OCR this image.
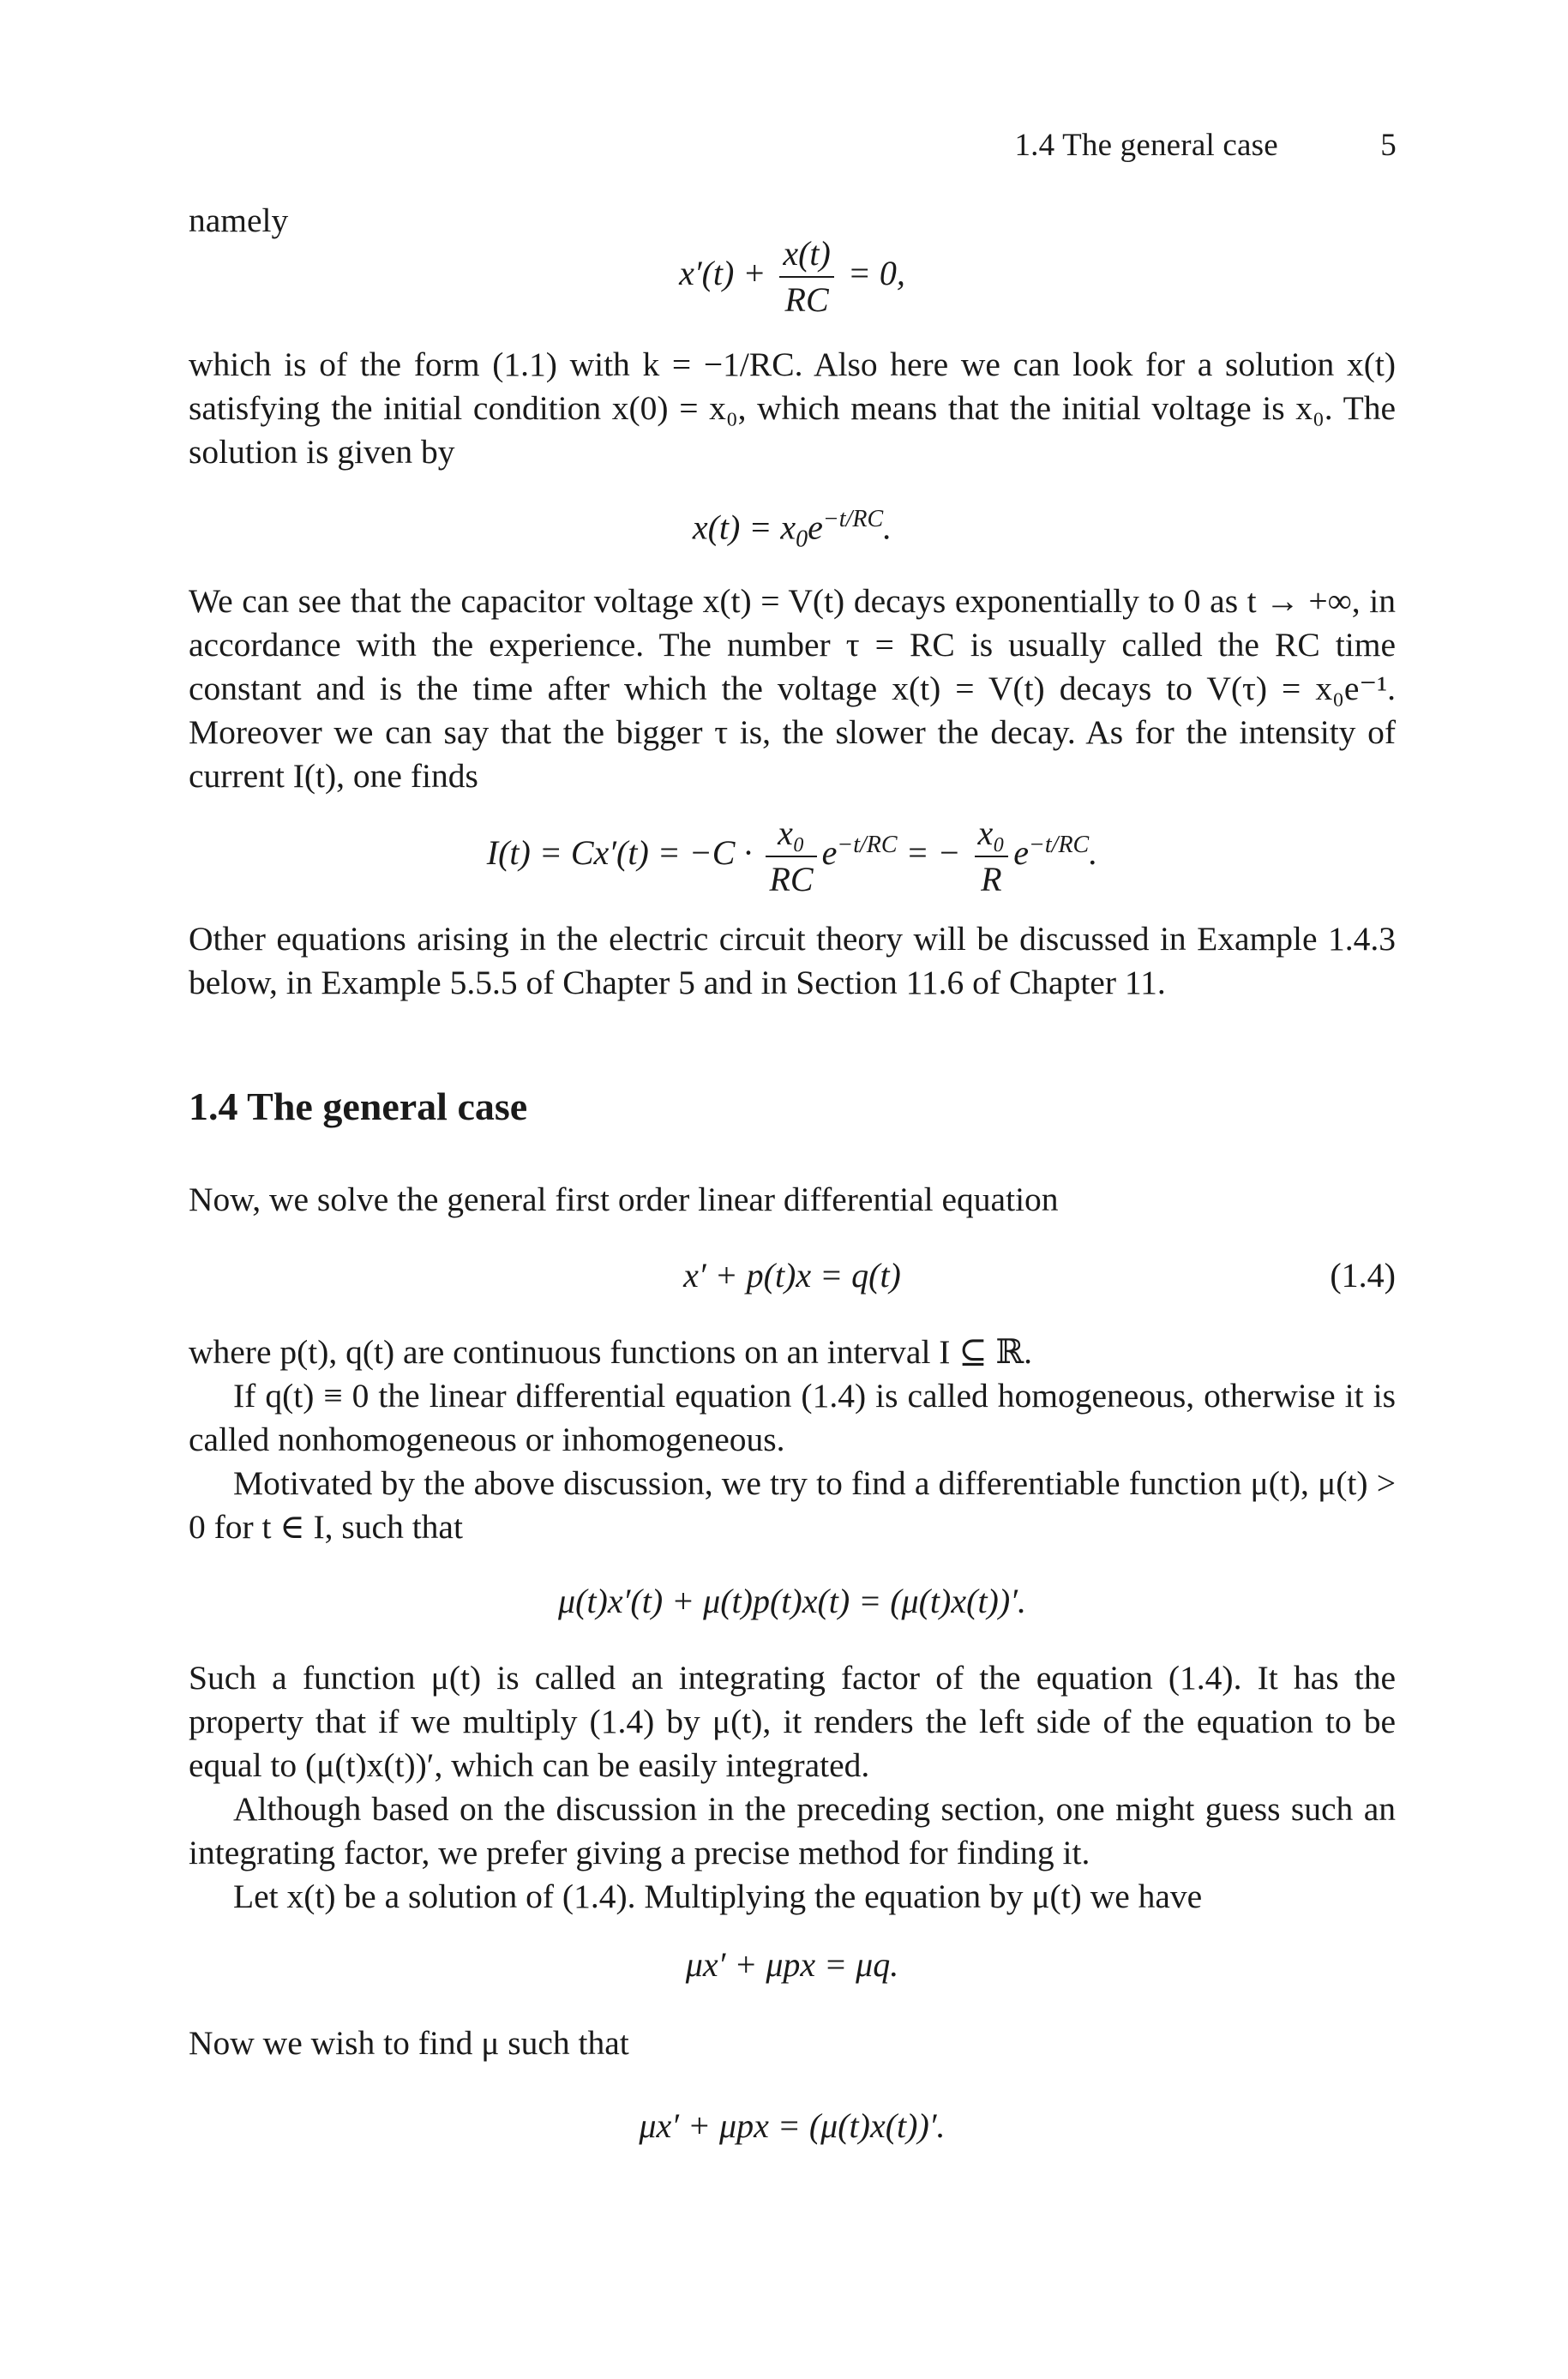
1.4 The general case	5
namely
$x'(t) + \frac{x(t)}{RC} = 0$,
which is of the form (1.1) with k = −1/RC. Also here we can look for a solution x(t) satisfying the initial condition x(0) = x₀, which means that the initial voltage is x₀. The solution is given by
$x(t) = x_0e^{-t/RC}$.
We can see that the capacitor voltage x(t) = V(t) decays exponentially to 0 as t → +∞, in accordance with the experience. The number τ = RC is usually called the RC time constant and is the time after which the voltage x(t) = V(t) decays to V(τ) = x₀e⁻¹. Moreover we can say that the bigger τ is, the slower the decay. As for the intensity of current I(t), one finds
$I(t) = Cx'(t) = -C \cdot \frac{\text{x₀}}{RC} e^{-t/RC}$ = − $\frac{\text{x₀}}{R} e^{-t/RC}$.
Other equations arising in the electric circuit theory will be discussed in Example 1.4.3 below, in Example 5.5.5 of Chapter 5 and in Section 11.6 of Chapter 11.
1.4 The general case
Now, we solve the general first order linear differential equation
x′ + p(t)x = q(t)	(1.4)
where p(t), q(t) are continuous functions on an interval I ⊆ ℝ.
If q(t) ≡ 0 the linear differential equation (1.4) is called homogeneous, otherwise it is called nonhomogeneous or inhomogeneous.
Motivated by the above discussion, we try to find a differentiable function μ(t), μ(t) > 0 for t ∈ I, such that
μ(t)x′(t) + μ(t)p(t)x(t) = (μ(t)x(t))′.
Such a function μ(t) is called an integrating factor of the equation (1.4). It has the property that if we multiply (1.4) by μ(t), it renders the left side of the equation to be equal to (μ(t)x(t))′, which can be easily integrated.
Although based on the discussion in the preceding section, one might guess such an integrating factor, we prefer giving a precise method for finding it.
Let x(t) be a solution of (1.4). Multiplying the equation by μ(t) we have
μx′ + μpx = μq.
Now we wish to find μ such that
μx′ + μpx = (μ(t)x(t))′.
